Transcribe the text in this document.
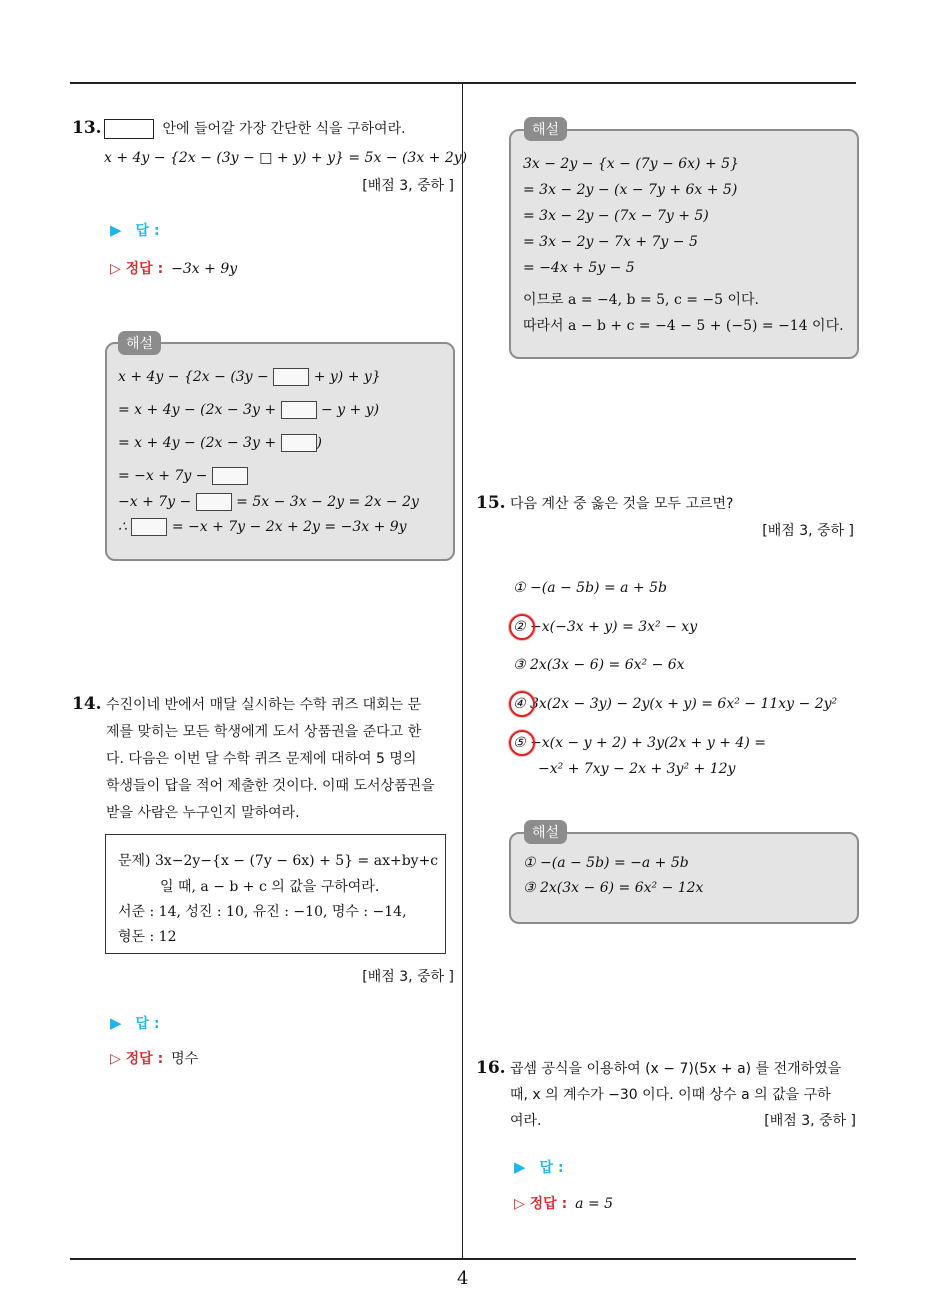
4
13.	안에 들어갈 가장 간단한 식을 구하여라.
x + 4y − {2x − (3y − □ + y) + y} = 5x − (3x + 2y)
[배점 3, 중하 ]
▶ 답 :
▷ 정답 : −3x + 9y
해설
x + 4y − {2x − (3y −	+ y) + y}
= x + 4y − (2x − 3y +	− y + y)
= x + 4y − (2x − 3y +	)
= −x + 7y −
−x + 7y −	= 5x − 3x − 2y = 2x − 2y
∴	= −x + 7y − 2x + 2y = −3x + 9y
14. 수진이네 반에서 매달 실시하는 수학 퀴즈 대회는 문
제를 맞히는 모든 학생에게 도서 상품권을 준다고 한
다. 다음은 이번 달 수학 퀴즈 문제에 대하여 5 명의
학생들이 답을 적어 제출한 것이다. 이때 도서상품권을
받을 사람은 누구인지 말하여라.
문제) 3x−2y−{x − (7y − 6x) + 5} = ax+by+c
일 때, a − b + c 의 값을 구하여라.
서준 : 14, 성진 : 10, 유진 : −10, 명수 : −14,
형돈 : 12
[배점 3, 중하 ]
▶ 답 :
▷ 정답 : 명수
해설
3x − 2y − {x − (7y − 6x) + 5}
= 3x − 2y − (x − 7y + 6x + 5)
= 3x − 2y − (7x − 7y + 5)
= 3x − 2y − 7x + 7y − 5
= −4x + 5y − 5
이므로 a = −4, b = 5, c = −5 이다.
따라서 a − b + c = −4 − 5 + (−5) = −14 이다.
15. 다음 계산 중 옳은 것을 모두 고르면?
[배점 3, 중하 ]
① −(a − 5b) = a + 5b
② −x(−3x + y) = 3x² − xy
③ 2x(3x − 6) = 6x² − 6x
④ 3x(2x − 3y) − 2y(x + y) = 6x² − 11xy − 2y²
⑤ −x(x − y + 2) + 3y(2x + y + 4) =
−x² + 7xy − 2x + 3y² + 12y
해설
① −(a − 5b) = −a + 5b
③ 2x(3x − 6) = 6x² − 12x
16. 곱셈 공식을 이용하여 (x − 7)(5x + a) 를 전개하였을
때, x 의 계수가 −30 이다. 이때 상수 a 의 값을 구하
여라.	[배점 3, 중하 ]
▶ 답 :
▷ 정답 : a = 5
